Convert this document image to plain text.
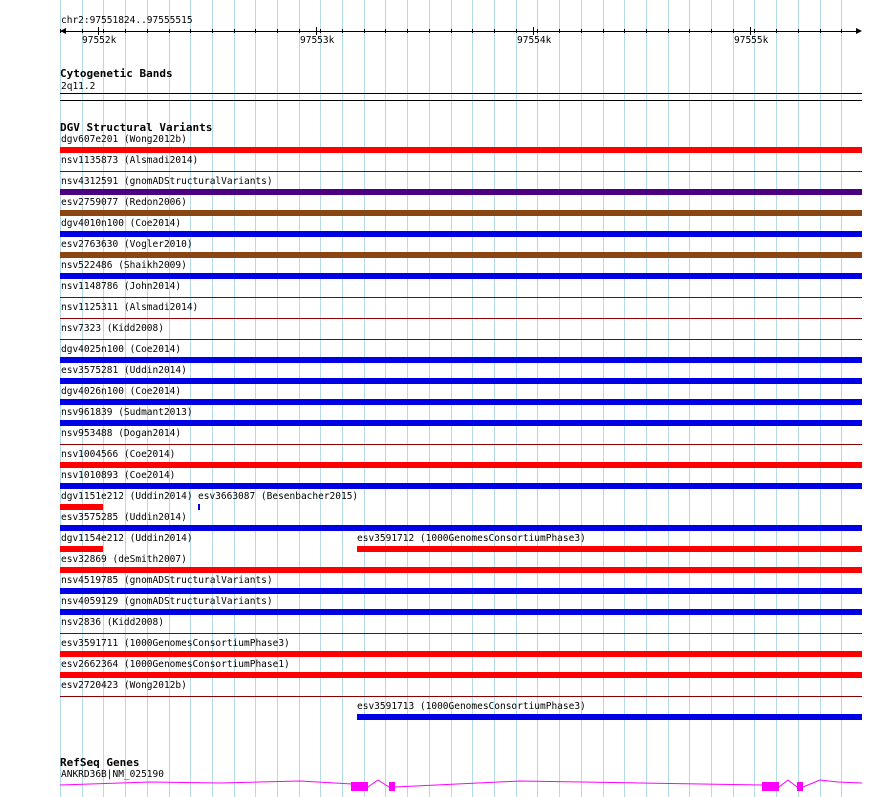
chr2:97551824..97555515
97552k	97553k	97554k	97555k
Cytogenetic Bands
2q11.2
DGV Structural Variants
dgv607e201 (Wong2012b)
nsv1135873 (Alsmadi2014)
nsv4312591 (gnomADStructuralVariants)
esv2759077 (Redon2006)
dgv4010n100 (Coe2014)
esv2763630 (Vogler2010)
nsv522486 (Shaikh2009)
nsv1148786 (John2014)
nsv1125311 (Alsmadi2014)
nsv7323 (Kidd2008)
dgv4025n100 (Coe2014)
esv3575281 (Uddin2014)
dgv4026n100 (Coe2014)
nsv961839 (Sudmant2013)
nsv953488 (Dogan2014)
nsv1004566 (Coe2014)
nsv1010893 (Coe2014)
dgv1151e212 (Uddin2014) esv3663087 (Besenbacher2015)
esv3575285 (Uddin2014)
dgv1154e212 (Uddin2014)	esv3591712 (1000GenomesConsortiumPhase3)
esv32869 (deSmith2007)
nsv4519785 (gnomADStructuralVariants)
nsv4059129 (gnomADStructuralVariants)
nsv2836 (Kidd2008)
esv3591711 (1000GenomesConsortiumPhase3)
esv2662364 (1000GenomesConsortiumPhase1)
esv2720423 (Wong2012b)
esv3591713 (1000GenomesConsortiumPhase3)
RefSeq Genes
ANKRD36B|NM_025190
